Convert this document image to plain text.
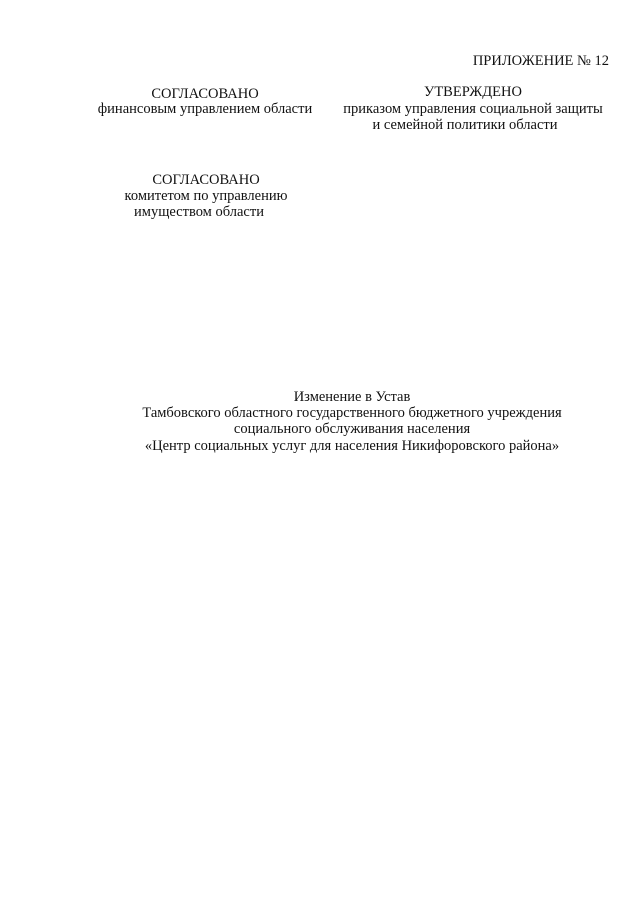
ПРИЛОЖЕНИЕ № 12
СОГЛАСОВАНО
финансовым управлением области
УТВЕРЖДЕНО
приказом управления социальной защиты
и семейной политики области
СОГЛАСОВАНО
комитетом по управлению
имуществом области
Изменение в Устав
Тамбовского областного государственного бюджетного учреждения
социального обслуживания населения
«Центр социальных услуг для населения Никифоровского района»
